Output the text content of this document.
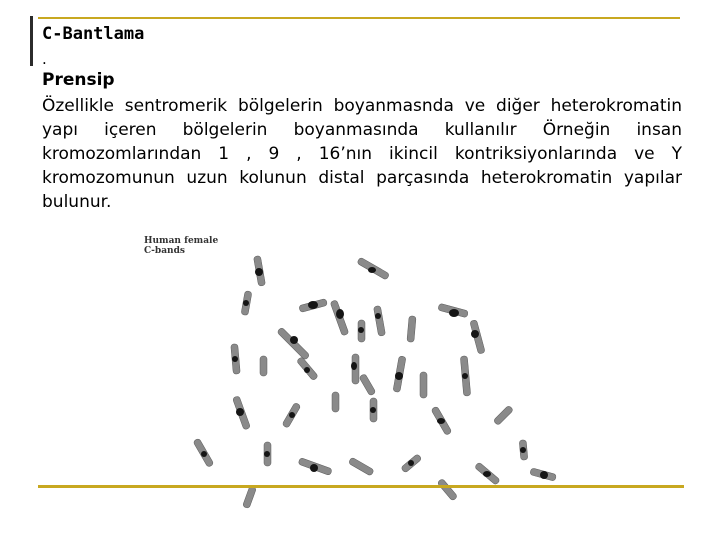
C-Bantlama
.
Prensip
Özellikle sentromerik bölgelerin boyanmasnda ve diğer heterokromatin yapı içeren bölgelerin boyanmasında kullanılır Örneğin insan kromozomlarından 1 , 9 , 16’nın ikincil kontriksiyonlarında ve Y kromozomunun uzun kolunun distal parçasında heterokromatin yapılar bulunur.
Human female
C-bands
